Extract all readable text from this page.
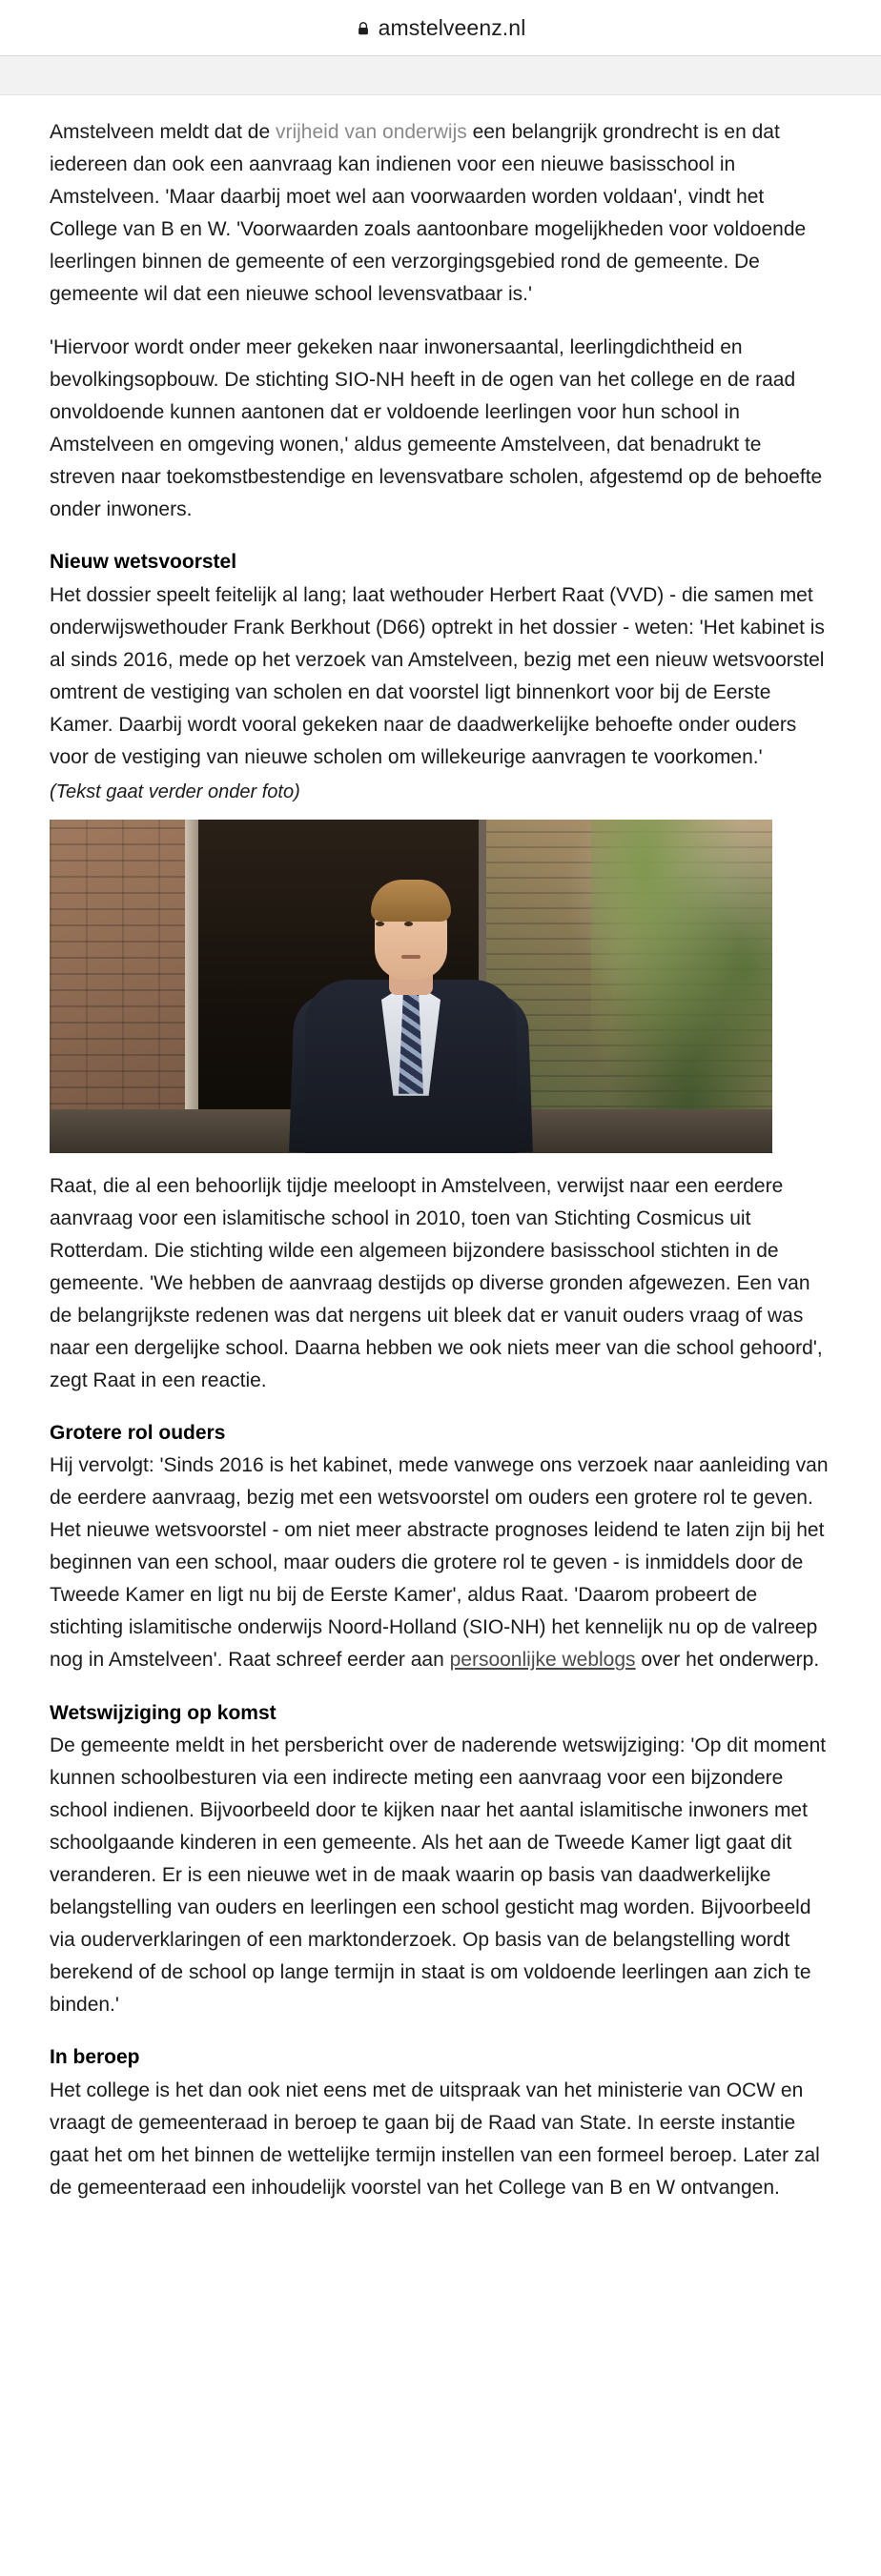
amstelveenz.nl

Amstelveen meldt dat de vrijheid van onderwijs een belangrijk grondrecht is en dat iedereen dan ook een aanvraag kan indienen voor een nieuwe basisschool in Amstelveen. 'Maar daarbij moet wel aan voorwaarden worden voldaan', vindt het College van B en W. 'Voorwaarden zoals aantoonbare mogelijkheden voor voldoende leerlingen binnen de gemeente of een verzorgingsgebied rond de gemeente. De gemeente wil dat een nieuwe school levensvatbaar is.'

'Hiervoor wordt onder meer gekeken naar inwonersaantal, leerlingdichtheid en bevolkingsopbouw. De stichting SIO-NH heeft in de ogen van het college en de raad onvoldoende kunnen aantonen dat er voldoende leerlingen voor hun school in Amstelveen en omgeving wonen,' aldus gemeente Amstelveen, dat benadrukt te streven naar toekomstbestendige en levensvatbare scholen, afgestemd op de behoefte onder inwoners.

Nieuw wetsvoorstel

Het dossier speelt feitelijk al lang; laat wethouder Herbert Raat (VVD) - die samen met onderwijswethouder Frank Berkhout (D66) optrekt in het dossier - weten: 'Het kabinet is al sinds 2016, mede op het verzoek van Amstelveen, bezig met een nieuw wetsvoorstel omtrent de vestiging van scholen en dat voorstel ligt binnenkort voor bij de Eerste Kamer. Daarbij wordt vooral gekeken naar de daadwerkelijke behoefte onder ouders voor de vestiging van nieuwe scholen om willekeurige aanvragen te voorkomen.'

(Tekst gaat verder onder foto)

Raat, die al een behoorlijk tijdje meeloopt in Amstelveen, verwijst naar een eerdere aanvraag voor een islamitische school in 2010, toen van Stichting Cosmicus uit Rotterdam. Die stichting wilde een algemeen bijzondere basisschool stichten in de gemeente. 'We hebben de aanvraag destijds op diverse gronden afgewezen. Een van de belangrijkste redenen was dat nergens uit bleek dat er vanuit ouders vraag of was naar een dergelijke school. Daarna hebben we ook niets meer van die school gehoord', zegt Raat in een reactie.

Grotere rol ouders

Hij vervolgt: 'Sinds 2016 is het kabinet, mede vanwege ons verzoek naar aanleiding van de eerdere aanvraag, bezig met een wetsvoorstel om ouders een grotere rol te geven. Het nieuwe wetsvoorstel - om niet meer abstracte prognoses leidend te laten zijn bij het beginnen van een school, maar ouders die grotere rol te geven - is inmiddels door de Tweede Kamer en ligt nu bij de Eerste Kamer', aldus Raat. 'Daarom probeert de stichting islamitische onderwijs Noord-Holland (SIO-NH) het kennelijk nu op de valreep nog in Amstelveen'. Raat schreef eerder aan persoonlijke weblogs over het onderwerp.

Wetswijziging op komst

De gemeente meldt in het persbericht over de naderende wetswijziging: 'Op dit moment kunnen schoolbesturen via een indirecte meting een aanvraag voor een bijzondere school indienen. Bijvoorbeeld door te kijken naar het aantal islamitische inwoners met schoolgaande kinderen in een gemeente. Als het aan de Tweede Kamer ligt gaat dit veranderen. Er is een nieuwe wet in de maak waarin op basis van daadwerkelijke belangstelling van ouders en leerlingen een school gesticht mag worden. Bijvoorbeeld via ouderverklaringen of een marktonderzoek. Op basis van de belangstelling wordt berekend of de school op lange termijn in staat is om voldoende leerlingen aan zich te binden.'

In beroep

Het college is het dan ook niet eens met de uitspraak van het ministerie van OCW en vraagt de gemeenteraad in beroep te gaan bij de Raad van State. In eerste instantie gaat het om het binnen de wettelijke termijn instellen van een formeel beroep. Later zal de gemeenteraad een inhoudelijk voorstel van het College van B en W ontvangen.
